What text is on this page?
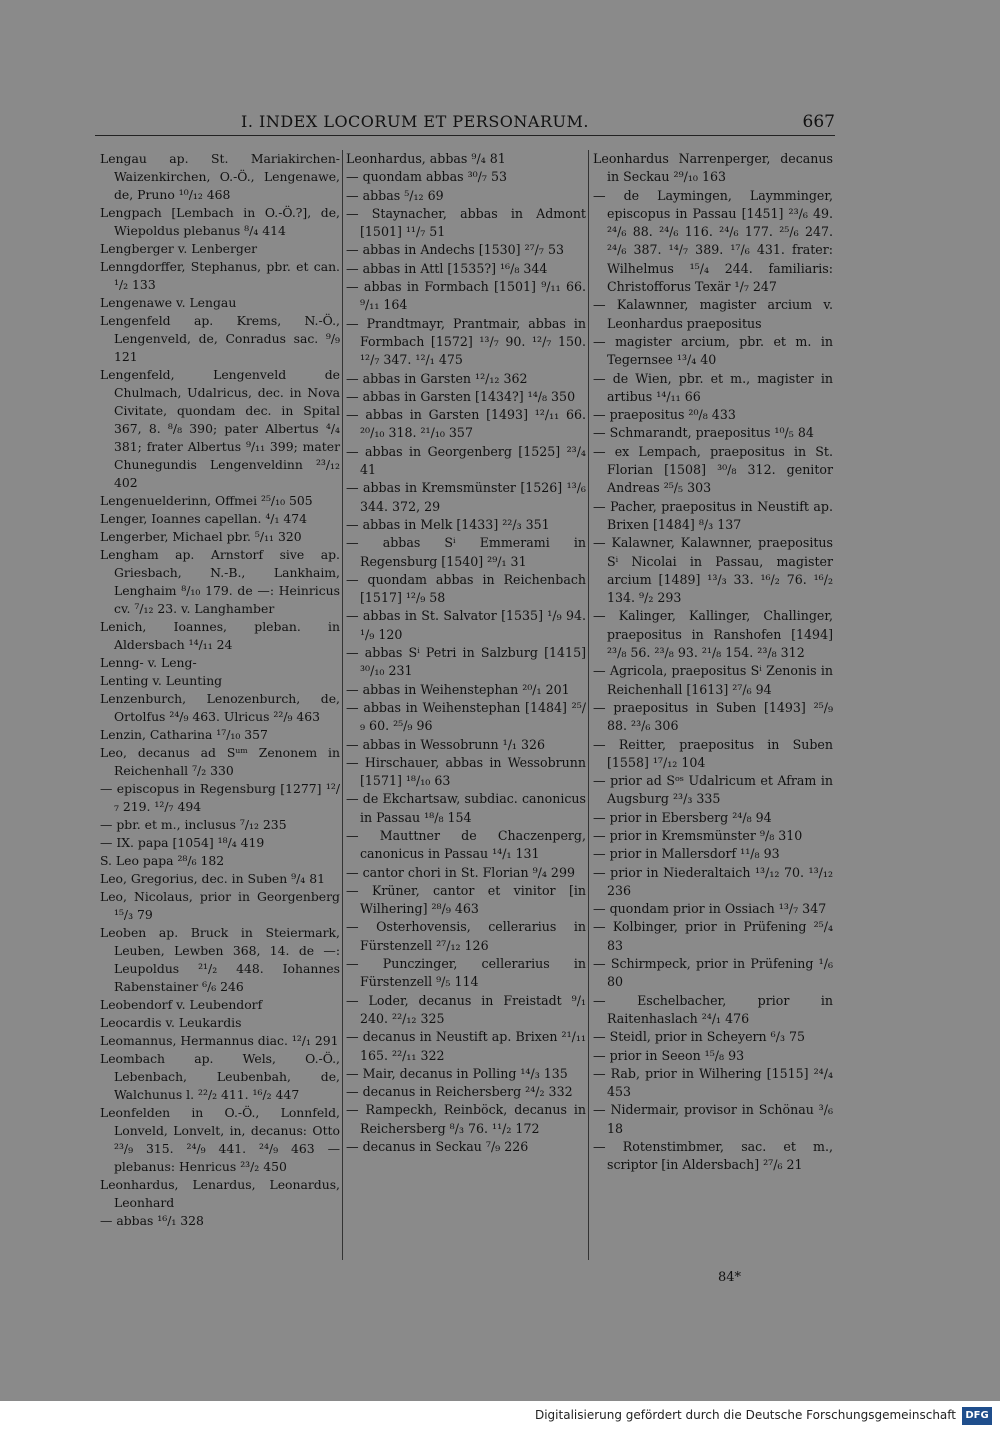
I. INDEX LOCORUM ET PERSONARUM.	667

Lengau ap. St. Mariakirchen-Waizenkirchen, O.-Ö., Lengenawe, de, Pruno ¹⁰/₁₂ 468

Lengpach [Lembach in O.-Ö.?], de, Wiepoldus plebanus ⁸/₄ 414

Lengberger v. Lenberger

Lenngdorffer, Stephanus, pbr. et can. ¹/₂ 133

Lengenawe v. Lengau

Lengenfeld ap. Krems, N.-Ö., Lengenveld, de, Conradus sac. ⁹/₉ 121

Lengenfeld, Lengenveld de Chulmach, Udalricus, dec. in Nova Civitate, quondam dec. in Spital 367, 8. ⁸/₈ 390; pater Albertus ⁴/₄ 381; frater Albertus ⁹/₁₁ 399; mater Chunegundis Lengenveldinn ²³/₁₂ 402

Lengenuelderinn, Offmei ²⁵/₁₀ 505

Lenger, Ioannes capellan. ⁴/₁ 474

Lengerber, Michael pbr. ⁵/₁₁ 320

Lengham ap. Arnstorf sive ap. Griesbach, N.-B., Lankhaim, Lenghaim ⁸/₁₀ 179. de —: Heinricus cv. ⁷/₁₂ 23. v. Langhamber

Lenich, Ioannes, pleban. in Aldersbach ¹⁴/₁₁ 24

Lenng- v. Leng-

Lenting v. Leunting

Lenzenburch, Lenozenburch, de, Ortolfus ²⁴/₉ 463. Ulricus ²²/₉ 463

Lenzin, Catharina ¹⁷/₁₀ 357

Leo, decanus ad Sᵘᵐ Zenonem in Reichenhall ⁷/₂ 330

— episcopus in Regensburg [1277] ¹²/₇ 219. ¹²/₇ 494

— pbr. et m., inclusus ⁷/₁₂ 235

— IX. papa [1054] ¹⁸/₄ 419

S. Leo papa ²⁸/₆ 182

Leo, Gregorius, dec. in Suben ⁹/₄ 81

Leo, Nicolaus, prior in Georgenberg ¹⁵/₃ 79

Leoben ap. Bruck in Steiermark, Leuben, Lewben 368, 14. de —: Leupoldus ²¹/₂ 448. Iohannes Rabenstainer ⁶/₆ 246

Leobendorf v. Leubendorf

Leocardis v. Leukardis

Leomannus, Hermannus diac. ¹²/₁ 291

Leombach ap. Wels, O.-Ö., Lebenbach, Leubenbah, de, Walchunus l. ²²/₂ 411. ¹⁶/₂ 447

Leonfelden in O.-Ö., Lonnfeld, Lonveld, Lonvelt, in, decanus: Otto ²³/₉ 315. ²⁴/₉ 441. ²⁴/₉ 463 — plebanus: Henricus ²³/₂ 450

Leonhardus, Lenardus, Leonardus, Leonhard

— abbas ¹⁶/₁ 328

Leonhardus, abbas ⁹/₄ 81

— quondam abbas ³⁰/₇ 53

— abbas ⁵/₁₂ 69

— Staynacher, abbas in Admont [1501] ¹¹/₇ 51

— abbas in Andechs [1530] ²⁷/₇ 53

— abbas in Attl [1535?] ¹⁶/₈ 344

— abbas in Formbach [1501] ⁹/₁₁ 66. ⁹/₁₁ 164

— Prandtmayr, Prantmair, abbas in Formbach [1572] ¹³/₇ 90. ¹²/₇ 150. ¹²/₇ 347. ¹²/₁ 475

— abbas in Garsten ¹²/₁₂ 362

— abbas in Garsten [1434?] ¹⁴/₈ 350

— abbas in Garsten [1493] ¹²/₁₁ 66. ²⁰/₁₀ 318. ²¹/₁₀ 357

— abbas in Georgenberg [1525] ²³/₄ 41

— abbas in Kremsmünster [1526] ¹³/₆ 344. 372, 29

— abbas in Melk [1433] ²²/₃ 351

— abbas Sⁱ Emmerami in Regensburg [1540] ²⁹/₁ 31

— quondam abbas in Reichenbach [1517] ¹²/₉ 58

— abbas in St. Salvator [1535] ¹/₉ 94. ¹/₉ 120

— abbas Sⁱ Petri in Salzburg [1415] ³⁰/₁₀ 231

— abbas in Weihenstephan ²⁰/₁ 201

— abbas in Weihenstephan [1484] ²⁵/₉ 60. ²⁵/₉ 96

— abbas in Wessobrunn ¹/₁ 326

— Hirschauer, abbas in Wessobrunn [1571] ¹⁸/₁₀ 63

— de Ekchartsaw, subdiac. canonicus in Passau ¹⁸/₈ 154

— Mauttner de Chaczenperg, canonicus in Passau ¹⁴/₁ 131

— cantor chori in St. Florian ⁹/₄ 299

— Krüner, cantor et vinitor [in Wilhering] ²⁸/₉ 463

— Osterhovensis, cellerarius in Fürstenzell ²⁷/₁₂ 126

— Punczinger, cellerarius in Fürstenzell ⁹/₅ 114

— Loder, decanus in Freistadt ⁹/₁ 240. ²²/₁₂ 325

— decanus in Neustift ap. Brixen ²¹/₁₁ 165. ²²/₁₁ 322

— Mair, decanus in Polling ¹⁴/₃ 135

— decanus in Reichersberg ²⁴/₂ 332

— Rampeckh, Reinböck, decanus in Reichersberg ⁸/₃ 76. ¹¹/₂ 172

— decanus in Seckau ⁷/₉ 226

Leonhardus Narrenperger, decanus in Seckau ²⁹/₁₀ 163

— de Laymingen, Laymminger, episcopus in Passau [1451] ²³/₆ 49. ²⁴/₆ 88. ²⁴/₆ 116. ²⁴/₆ 177. ²⁵/₆ 247. ²⁴/₆ 387. ¹⁴/₇ 389. ¹⁷/₆ 431. frater: Wilhelmus ¹⁵/₄ 244. familiaris: Christofforus Texär ¹/₇ 247

— Kalawnner, magister arcium v. Leonhardus praepositus

— magister arcium, pbr. et m. in Tegernsee ¹³/₄ 40

— de Wien, pbr. et m., magister in artibus ¹⁴/₁₁ 66

— praepositus ²⁰/₈ 433

— Schmarandt, praepositus ¹⁰/₅ 84

— ex Lempach, praepositus in St. Florian [1508] ³⁰/₈ 312. genitor Andreas ²⁵/₅ 303

— Pacher, praepositus in Neustift ap. Brixen [1484] ⁸/₃ 137

— Kalawner, Kalawnner, praepositus Sⁱ Nicolai in Passau, magister arcium [1489] ¹³/₃ 33. ¹⁶/₂ 76. ¹⁶/₂ 134. ⁹/₂ 293

— Kalinger, Kallinger, Challinger, praepositus in Ranshofen [1494] ²³/₈ 56. ²³/₈ 93. ²¹/₈ 154. ²³/₈ 312

— Agricola, praepositus Sⁱ Zenonis in Reichenhall [1613] ²⁷/₆ 94

— praepositus in Suben [1493] ²⁵/₉ 88. ²³/₆ 306

— Reitter, praepositus in Suben [1558] ¹⁷/₁₂ 104

— prior ad Sᵒˢ Udalricum et Afram in Augsburg ²³/₃ 335

— prior in Ebersberg ²⁴/₈ 94

— prior in Kremsmünster ⁹/₈ 310

— prior in Mallersdorf ¹¹/₈ 93

— prior in Niederaltaich ¹³/₁₂ 70. ¹³/₁₂ 236

— quondam prior in Ossiach ¹³/₇ 347

— Kolbinger, prior in Prüfening ²⁵/₄ 83

— Schirmpeck, prior in Prüfening ¹/₆ 80

— Eschelbacher, prior in Raitenhaslach ²⁴/₁ 476

— Steidl, prior in Scheyern ⁶/₃ 75

— prior in Seeon ¹⁵/₈ 93

— Rab, prior in Wilhering [1515] ²⁴/₄ 453

— Nidermair, provisor in Schönau ³/₆ 18

— Rotenstimbmer, sac. et m., scriptor [in Aldersbach] ²⁷/₆ 21

84*
Digitalisierung gefördert durch die Deutsche Forschungsgemeinschaft DFG
